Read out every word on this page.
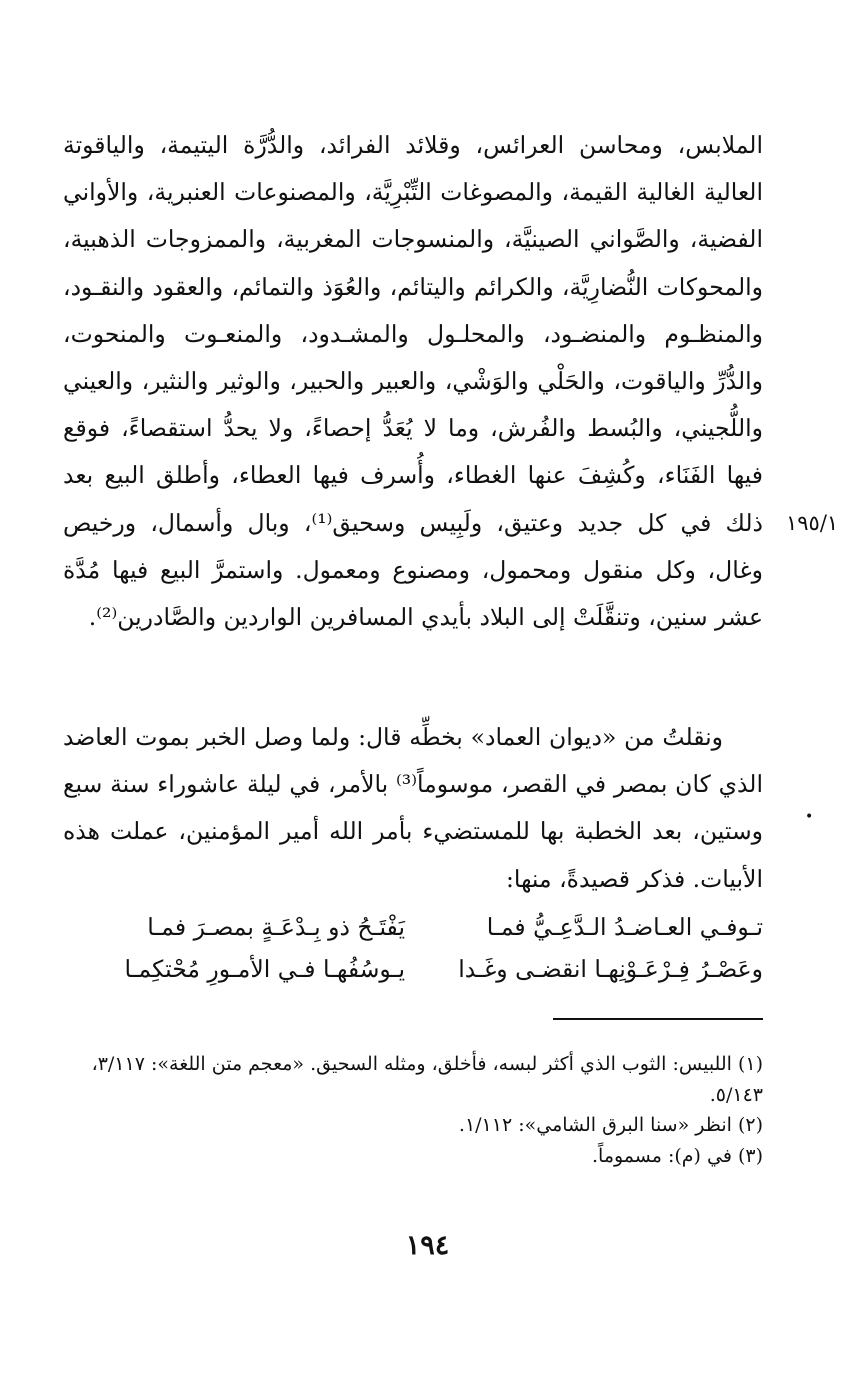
الملابس، ومحاسن العرائس، وقلائد الفرائد، والدُّرَّة اليتيمة، والياقوتة العالية الغالية القيمة، والمصوغات التِّبْرِيَّة، والمصنوعات العنبرية، والأواني الفضية، والصَّواني الصينيَّة، والمنسوجات المغربية، والممزوجات الذهبية، والمحوكات النُّضارِيَّة، والكرائم واليتائم، والعُوَذ والتمائم، والعقود والنقـود، والمنظـوم والمنضـود، والمحلـول والمشـدود، والمنعـوت والمنحوت، والدُّرِّ والياقوت، والحَلْي والوَشْي، والعبير والحبير، والوثير والنثير، والعيني واللُّجيني، والبُسط والفُرش، وما لا يُعَدُّ إحصاءً، ولا يحدُّ استقصاءً، فوقع فيها الفَنَاء، وكُشِفَ عنها الغطاء، وأُسرف فيها العطاء، وأطلق البيع بعد ذلك في كل جديد وعتيق، ولَبِيس وسحيق⁽¹⁾، وبال وأسمال، ورخيص وغال، وكل منقول ومحمول، ومصنوع ومعمول. واستمرَّ البيع فيها مُدَّة عشر سنين، وتنقَّلَتْ إلى البلاد بأيدي المسافرين الواردين والصَّادرين⁽²⁾.

١٩٥/١

ونقلتُ من «ديوان العماد» بخطِّه قال: ولما وصل الخبر بموت العاضد الذي كان بمصر في القصر، موسوماً⁽³⁾ بالأمر، في ليلة عاشوراء سنة سبع وستين، بعد الخطبة بها للمستضيء بأمر الله أمير المؤمنين، عملت هذه الأبيات. فذكر قصيدةً، منها:

•
تـوفـي العـاضـدُ الـدَّعِـيُّ فمـا
يَفْتَـحُ ذو بِـدْعَـةٍ بمصـرَ فمـا
وعَصْـرُ فِـرْعَـوْنِهـا انقضـى وغَـدا
يـوسُفُهـا فـي الأمـورِ مُحْتكِمـا

(١) اللبيس: الثوب الذي أكثر لبسه، فأخلق، ومثله السحيق. «معجم متن اللغة»: ٣/١١٧، ٥/١٤٣.

(٢) انظر «سنا البرق الشامي»: ١/١١٢.

(٣) في (م): مسموماً.

١٩٤
